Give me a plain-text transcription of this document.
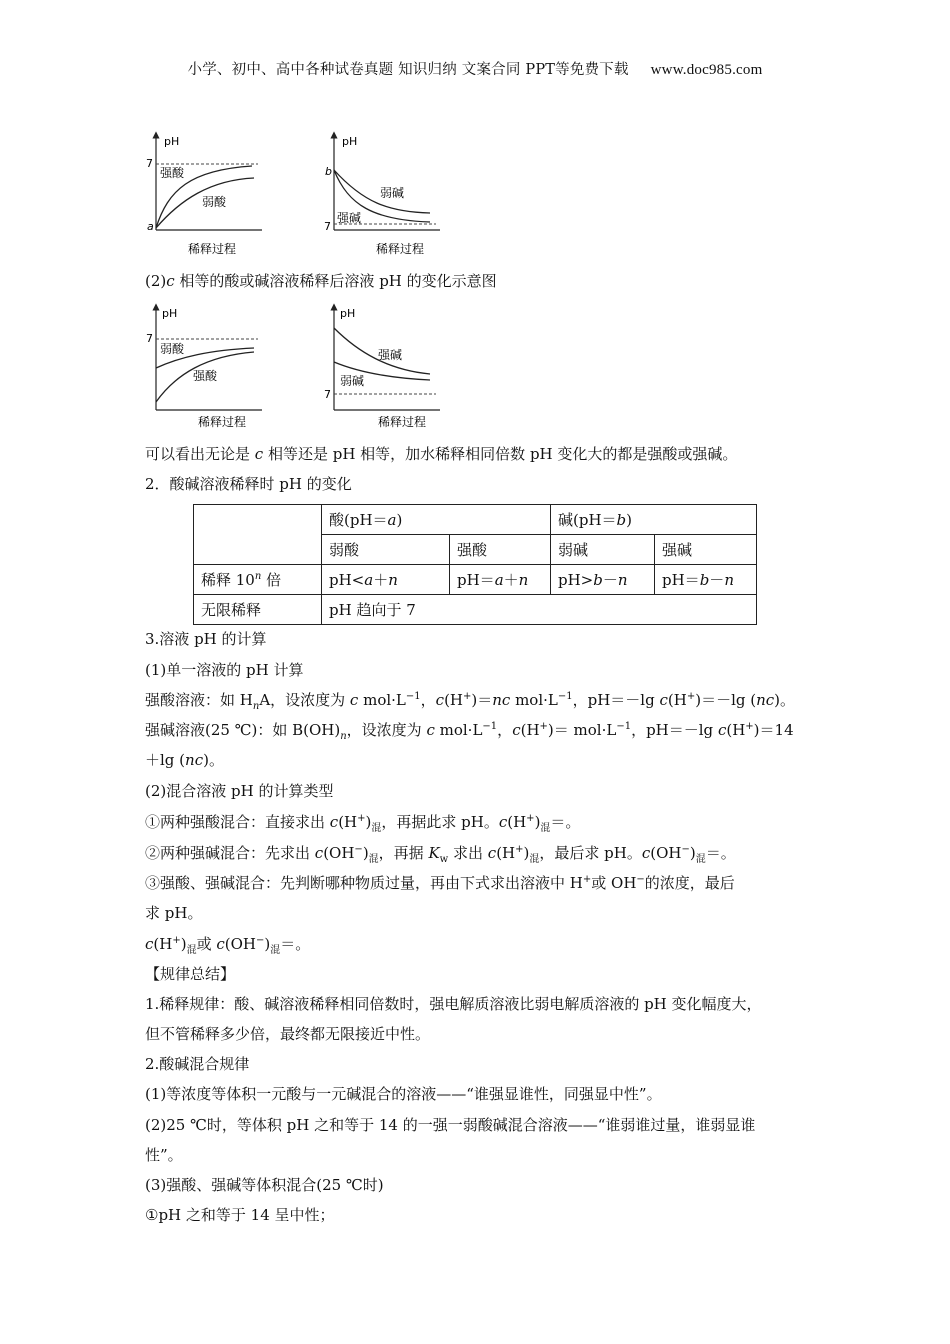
小学、初中、高中各种试卷真题 知识归纳 文案合同 PPT等免费下载 www.doc985.com
pH
7
a
强酸
弱酸
稀释过程
pH
b
7
弱碱
强碱
稀释过程
(2)c 相等的酸或碱溶液稀释后溶液 pH 的变化示意图
pH
7
弱酸
强酸
稀释过程
pH
7
强碱
弱碱
稀释过程
可以看出无论是 c 相等还是 pH 相等，加水稀释相同倍数 pH 变化大的都是强酸或强碱。
2．酸碱溶液稀释时 pH 的变化
	酸(pH＝a)		碱(pH＝b)	
	弱酸	强酸	弱碱	强碱
稀释 10$^n$ 倍	pH<a＋n	pH＝a＋n	pH>b－n	pH＝b－n
无限稀释	pH 趋向于 7			
3.溶液 pH 的计算
(1)单一溶液的 pH 计算
强酸溶液：如 $H_nA$，设浓度为 c $mol\cdot L^{-1}$，c(H+)＝nc $mol\cdot L^{-1}$，pH＝－lg c(H+)＝－lg (nc)。
强碱溶液(25 ℃)：如 $B(OH)_n$，设浓度为 c $mol\cdot L^{-1}$，$c(H^+)= mol\cdot L^{-1}$，pH＝－lg c(H+)＝14
＋lg (nc)。
(2)混合溶液 pH 的计算类型
①两种强酸混合：直接求出 $c(H^+)_混$，再据此求 pH。$c(H^+)_混=$。
②两种强碱混合：先求出 $c(OH^-)_混$，再据 $K_w$ 求出 $c(H^+)_混$，最后求 pH。$c(OH^-)_混=$。
③强酸、强碱混合：先判断哪种物质过量，再由下式求出溶液中 H+或 OH−的浓度，最后
求 pH。
$c(H^+)_混$或 $c(OH^-)_混=$。
【规律总结】
1.稀释规律：酸、碱溶液稀释相同倍数时，强电解质溶液比弱电解质溶液的 pH 变化幅度大，
但不管稀释多少倍，最终都无限接近中性。
2.酸碱混合规律
(1)等浓度等体积一元酸与一元碱混合的溶液——“谁强显谁性，同强显中性”。
(2)25 ℃时，等体积 pH 之和等于 14 的一强一弱酸碱混合溶液——“谁弱谁过量，谁弱显谁
性”。
(3)强酸、强碱等体积混合(25 ℃时)
①pH 之和等于 14 呈中性；
